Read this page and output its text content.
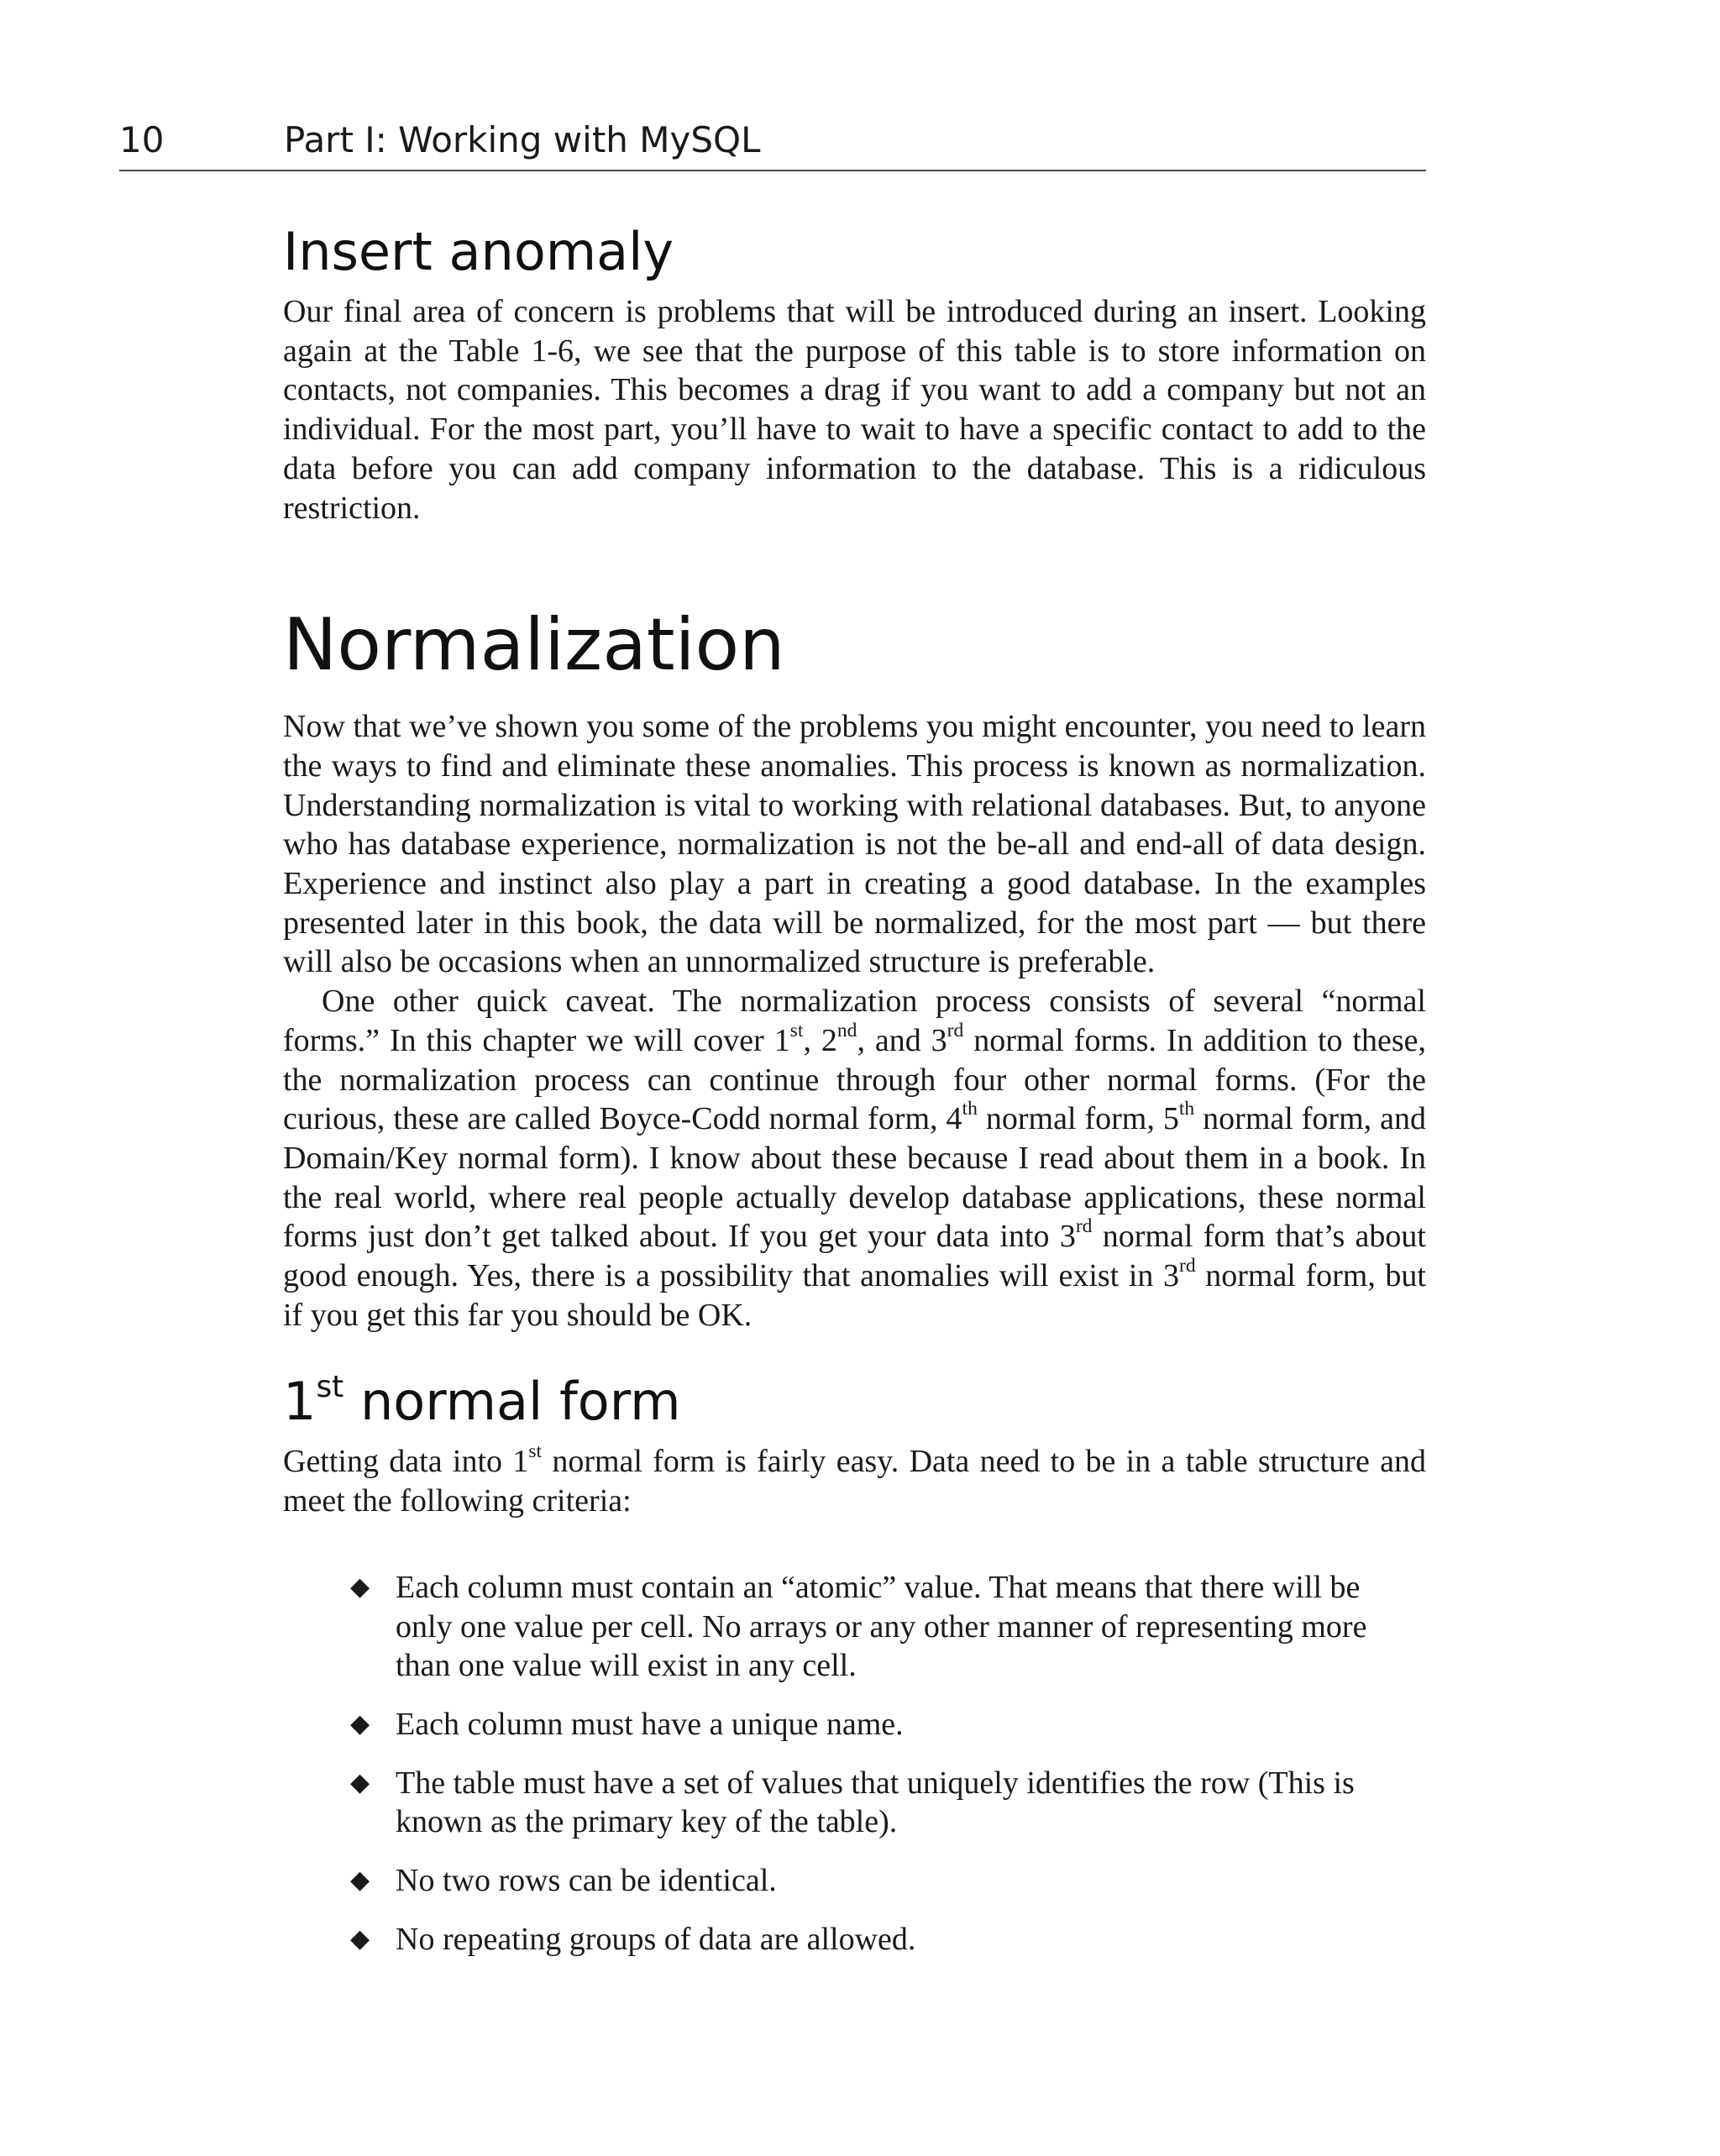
10	Part I: Working with MySQL
Insert anomaly

Our final area of concern is problems that will be introduced during an insert. Looking again at the Table 1-6, we see that the purpose of this table is to store information on contacts, not companies. This becomes a drag if you want to add a company but not an individual. For the most part, you’ll have to wait to have a specific contact to add to the data before you can add company information to the database. This is a ridiculous restriction.

Normalization

Now that we’ve shown you some of the problems you might encounter, you need to learn the ways to find and eliminate these anomalies. This process is known as normalization. Understanding normalization is vital to working with relational databases. But, to anyone who has database experience, normalization is not the be-all and end-all of data design. Experience and instinct also play a part in creating a good database. In the examples presented later in this book, the data will be normalized, for the most part — but there will also be occasions when an unnormalized structure is preferable.

One other quick caveat. The normalization process consists of several “normal forms.” In this chapter we will cover 1st, 2nd, and 3rd normal forms. In addition to these, the normalization process can continue through four other normal forms. (For the curious, these are called Boyce-Codd normal form, 4th normal form, 5th normal form, and Domain/Key normal form). I know about these because I read about them in a book. In the real world, where real people actually develop database applications, these normal forms just don’t get talked about. If you get your data into 3rd normal form that’s about good enough. Yes, there is a possibility that anomalies will exist in 3rd normal form, but if you get this far you should be OK.

1st normal form

Getting data into 1st normal form is fairly easy. Data need to be in a table structure and meet the following criteria:

◆ Each column must contain an “atomic” value. That means that there will be only one value per cell. No arrays or any other manner of representing more than one value will exist in any cell.
◆ Each column must have a unique name.
◆ The table must have a set of values that uniquely identifies the row (This is known as the primary key of the table).
◆ No two rows can be identical.
◆ No repeating groups of data are allowed.
